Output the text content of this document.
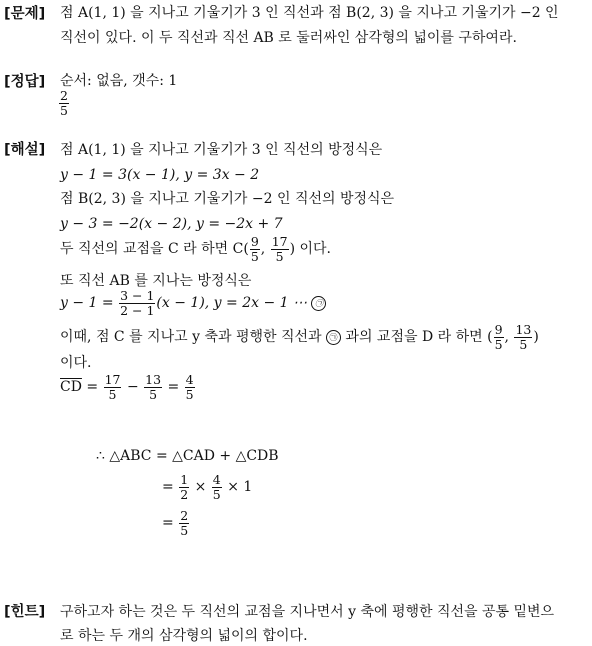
[문제] 점 A(1, 1) 을 지나고 기울기가 3 인 직선과 점 B(2, 3) 을 지나고 기울기가 −2 인
직선이 있다. 이 두 직선과 직선 AB 로 둘러싸인 삼각형의 넓이를 구하여라.
[정답] 순서: 없음, 갯수: 1
$\frac{2}{5}$
[해설] 점 A(1, 1) 을 지나고 기울기가 3 인 직선의 방정식은
y − 1 = 3(x − 1), y = 3x − 2
점 B(2, 3) 을 지나고 기울기가 −2 인 직선의 방정식은
y − 3 = −2(x − 2), y = −2x + 7
두 직선의 교점을 C 라 하면 $C( \frac{9}{5}$ , $\frac{17}{5}$ ) 이다.
또 직선 AB 를 지나는 방정식은
$y - 1 = \frac{3 - 1}{2 - 1} (x - 1)$, y = 2x − 1 ⋯ ㉠
이때, 점 C 를 지나고 y 축과 평행한 직선과 ㉠ 과의 교점을 D 라 하면 ( $\frac{9}{5}$ , $\frac{13}{5}$ )
이다.
$\overline{CD} = \frac{17}{5} - \frac{13}{5} = \frac{4}{5}$
∴ △ABC = △CAD + △CDB
= $\frac{1}{2} \times \frac{4}{5} \times 1$
= $\frac{2}{5}$
[힌트] 구하고자 하는 것은 두 직선의 교점을 지나면서 y 축에 평행한 직선을 공통 밑변으
로 하는 두 개의 삼각형의 넓이의 합이다.
